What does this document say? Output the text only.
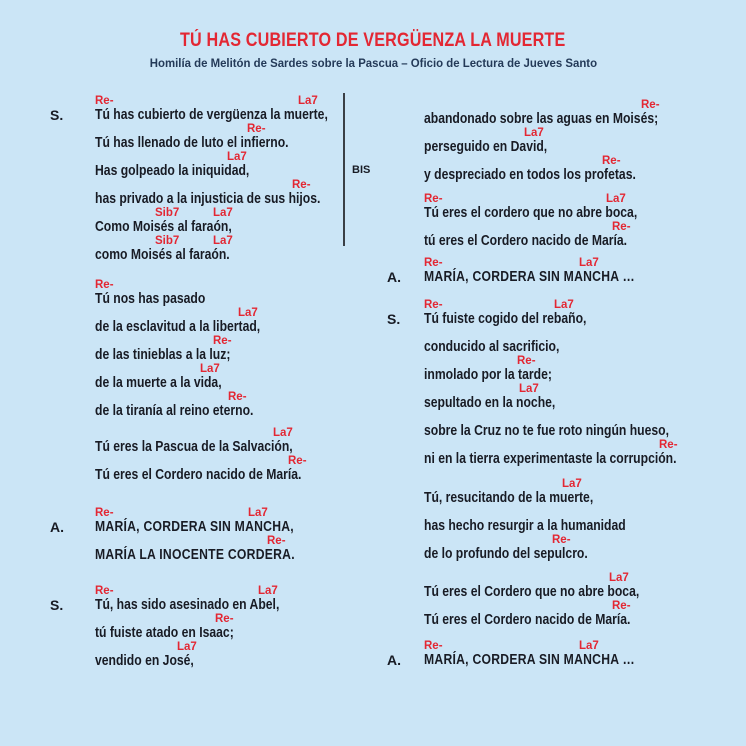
TÚ HAS CUBIERTO DE VERGÜENZA LA MUERTE
Homilía de Melitón de Sardes sobre la Pascua – Oficio de Lectura de Jueves Santo
S.
Re-	La7
Tú has cubierto de vergüenza la muerte,
Re-
Tú has llenado de luto el infierno.
La7
Has golpeado la iniquidad,
Re-
has privado a la injusticia de sus hijos.
Sib7	La7
Como Moisés al faraón,
Sib7	La7
como Moisés al faraón.
Re-
Tú nos has pasado
La7
de la esclavitud a la libertad,
Re-
de las tinieblas a la luz;
La7
de la muerte a la vida,
Re-
de la tiranía al reino eterno.
La7
Tú eres la Pascua de la Salvación,
Re-
Tú eres el Cordero nacido de María.
A.
Re-	La7
MARÍA, CORDERA SIN MANCHA,
Re-
MARÍA LA INOCENTE CORDERA.
S.
Re-	La7
Tú, has sido asesinado en Abel,
Re-
tú fuiste atado en Isaac;
La7
vendido en José,
BIS
Re-
abandonado sobre las aguas en Moisés;
La7
perseguido en David,
Re-
y despreciado en todos los profetas.
Re-	La7
Tú eres el cordero que no abre boca,
Re-
tú eres el Cordero nacido de María.
A.
Re-	La7
MARÍA, CORDERA SIN MANCHA …
S.
Re-	La7
Tú fuiste cogido del rebaño,
conducido al sacrificio,
Re-
inmolado por la tarde;
La7
sepultado en la noche,
sobre la Cruz no te fue roto ningún hueso,
Re-
ni en la tierra experimentaste la corrupción.
La7
Tú, resucitando de la muerte,
has hecho resurgir a la humanidad
Re-
de lo profundo del sepulcro.
La7
Tú eres el Cordero que no abre boca,
Re-
Tú eres el Cordero nacido de María.
A.
Re-	La7
MARÍA, CORDERA SIN MANCHA …
